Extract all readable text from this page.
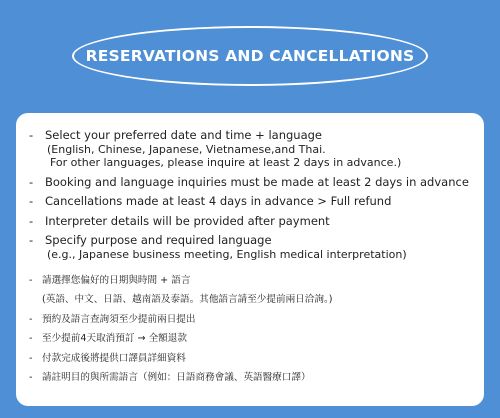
RESERVATIONS AND CANCELLATIONS
-	Select your preferred date and time + language
(English, Chinese, Japanese, Vietnamese,and Thai.
For other languages, please inquire at least 2 days in advance.)
-	Booking and language inquiries must be made at least 2 days in advance
-	Cancellations made at least 4 days in advance > Full refund
-	Interpreter details will be provided after payment
-	Specify purpose and required language
(e.g., Japanese business meeting, English medical interpretation)
- 請選擇您偏好的日期與時間 + 語言
(英語、中文、日語、越南語及泰語。其他語言請至少提前兩日洽詢。)
- 預約及語言查詢須至少提前兩日提出
- 至少提前4天取消預訂 → 全額退款
- 付款完成後將提供口譯員詳細資料
- 請註明目的與所需語言（例如：日語商務會議、英語醫療口譯）
